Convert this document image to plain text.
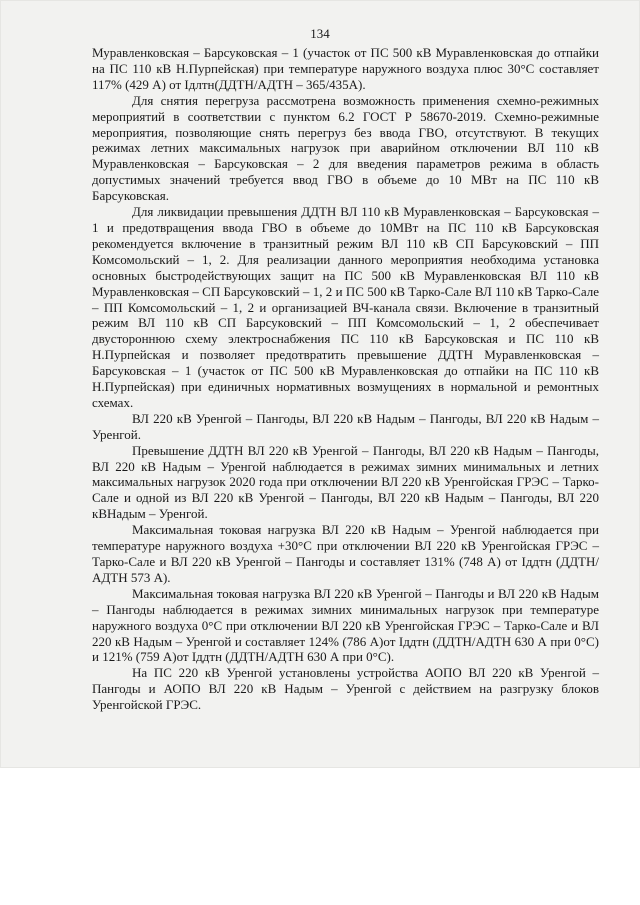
134

Муравленковская – Барсуковская – 1 (участок от ПС 500 кВ Муравленковская до отпайки на ПС 110 кВ Н.Пурпейская) при температуре наружного воздуха плюс 30°С составляет 117% (429 А) от Iдлтн(ДДТН/АДТН – 365/435А).

Для снятия перегруза рассмотрена возможность применения схемно-режимных мероприятий в соответствии с пунктом 6.2 ГОСТ Р 58670-2019. Схемно-режимные мероприятия, позволяющие снять перегруз без ввода ГВО, отсутствуют. В текущих режимах летних максимальных нагрузок при аварийном отключении ВЛ 110 кВ Муравленковская – Барсуковская – 2 для введения параметров режима в область допустимых значений требуется ввод ГВО в объеме до 10 МВт на ПС 110 кВ Барсуковская.

Для ликвидации превышения ДДТН ВЛ 110 кВ Муравленковская – Барсуковская – 1 и предотвращения ввода ГВО в объеме до 10МВт на ПС 110 кВ Барсуковская рекомендуется включение в транзитный режим ВЛ 110 кВ СП Барсуковский – ПП Комсомольский – 1, 2. Для реализации данного мероприятия необходима установка основных быстродействующих защит на ПС 500 кВ Муравленковская ВЛ 110 кВ Муравленковская – СП Барсуковский – 1, 2 и ПС 500 кВ Тарко-Сале ВЛ 110 кВ Тарко-Сале – ПП Комсомольский – 1, 2 и организацией ВЧ-канала связи. Включение в транзитный режим ВЛ 110 кВ СП Барсуковский – ПП Комсомольский – 1, 2 обеспечивает двустороннюю схему электроснабжения ПС 110 кВ Барсуковская и ПС 110 кВ Н.Пурпейская и позволяет предотвратить превышение ДДТН Муравленковская – Барсуковская – 1 (участок от ПС 500 кВ Муравленковская до отпайки на ПС 110 кВ Н.Пурпейская) при единичных нормативных возмущениях в нормальной и ремонтных схемах.

ВЛ 220 кВ Уренгой – Пангоды, ВЛ 220 кВ Надым – Пангоды, ВЛ 220 кВ Надым – Уренгой.

Превышение ДДТН ВЛ 220 кВ Уренгой – Пангоды, ВЛ 220 кВ Надым – Пангоды, ВЛ 220 кВ Надым – Уренгой наблюдается в режимах зимних минимальных и летних максимальных нагрузок 2020 года при отключении ВЛ 220 кВ Уренгойская ГРЭС – Тарко-Сале и одной из ВЛ 220 кВ Уренгой – Пангоды, ВЛ 220 кВ Надым – Пангоды, ВЛ 220 кВНадым – Уренгой.

Максимальная токовая нагрузка ВЛ 220 кВ Надым – Уренгой наблюдается при температуре наружного воздуха +30°С при отключении ВЛ 220 кВ Уренгойская ГРЭС – Тарко-Сале и ВЛ 220 кВ Уренгой – Пангоды и составляет 131% (748 А) от Iддтн (ДДТН/АДТН 573 А).

Максимальная токовая нагрузка ВЛ 220 кВ Уренгой – Пангоды и ВЛ 220 кВ Надым – Пангоды наблюдается в режимах зимних минимальных нагрузок при температуре наружного воздуха 0°С при отключении ВЛ 220 кВ Уренгойская ГРЭС – Тарко-Сале и ВЛ 220 кВ Надым – Уренгой и составляет 124% (786 А)от Iддтн (ДДТН/АДТН 630 А при 0°С) и 121% (759 А)от Iддтн (ДДТН/АДТН 630 А при 0°С).

На ПС 220 кВ Уренгой установлены устройства АОПО ВЛ 220 кВ Уренгой – Пангоды и АОПО ВЛ 220 кВ Надым – Уренгой с действием на разгрузку блоков Уренгойской ГРЭС.
